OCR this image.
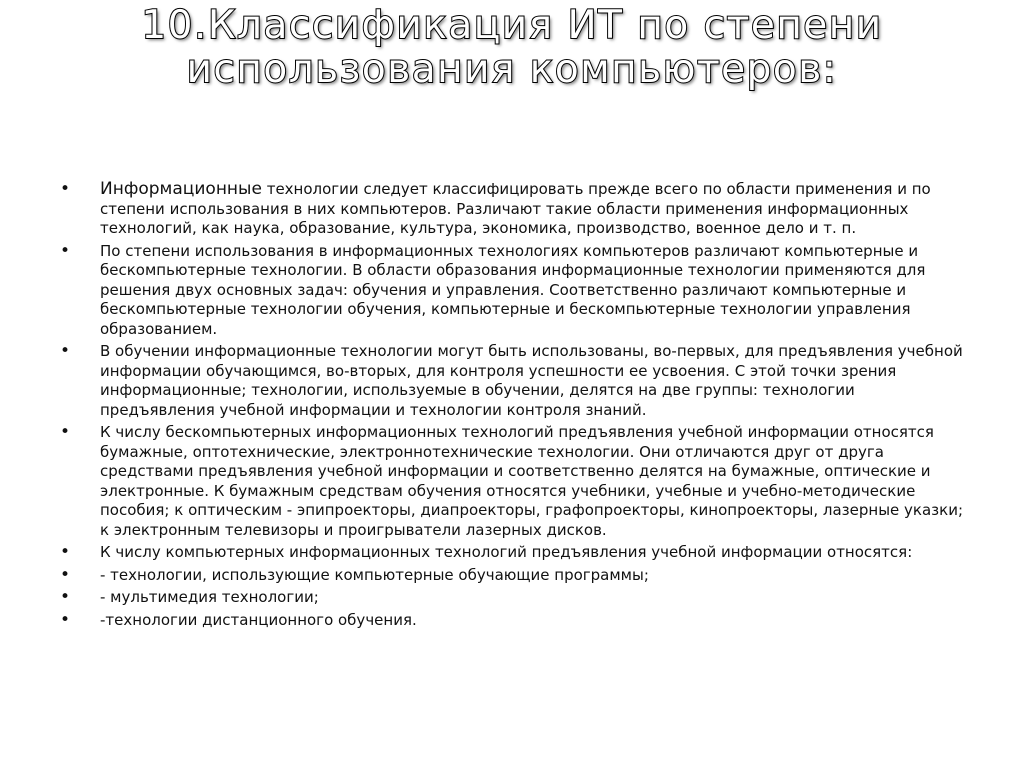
10.Классификация ИТ по степени
использования компьютеров:
• Информационные технологии следует классифицировать прежде всего по области применения и по степени использования в них компьютеров. Различают такие области применения информационных технологий, как наука, образование, культура, экономика, производство, военное дело и т. п.
• По степени использования в информационных технологиях компьютеров различают компьютерные и бескомпьютерные технологии. В области образования информационные технологии применяются для решения двух основных задач: обучения и управления. Соответственно различают компьютерные и бескомпьютерные технологии обучения, компьютерные и бескомпьютерные технологии управления образованием.
• В обучении информационные технологии могут быть использованы, во-первых, для предъявления учебной информации обучающимся, во-вторых, для контроля успешности ее усвоения. С этой точки зрения информационные; технологии, используемые в обучении, делятся на две группы: технологии предъявления учебной информации и технологии контроля знаний.
• К числу бескомпьютерных информационных технологий предъявления учебной информации относятся бумажные, оптотехнические, электроннотехнические технологии. Они отличаются друг от друга средствами предъявления учебной информации и соответственно делятся на бумажные, оптические и электронные. К бумажным средствам обучения относятся учебники, учебные и учебно-методические пособия; к оптическим - эпипроекторы, диапроекторы, графопроекторы, кинопроекторы, лазерные указки; к электронным телевизоры и проигрыватели лазерных дисков.
• К числу компьютерных информационных технологий предъявления учебной информации относятся:
• - технологии, использующие компьютерные обучающие программы;
• - мультимедия технологии;
• -технологии дистанционного обучения.
